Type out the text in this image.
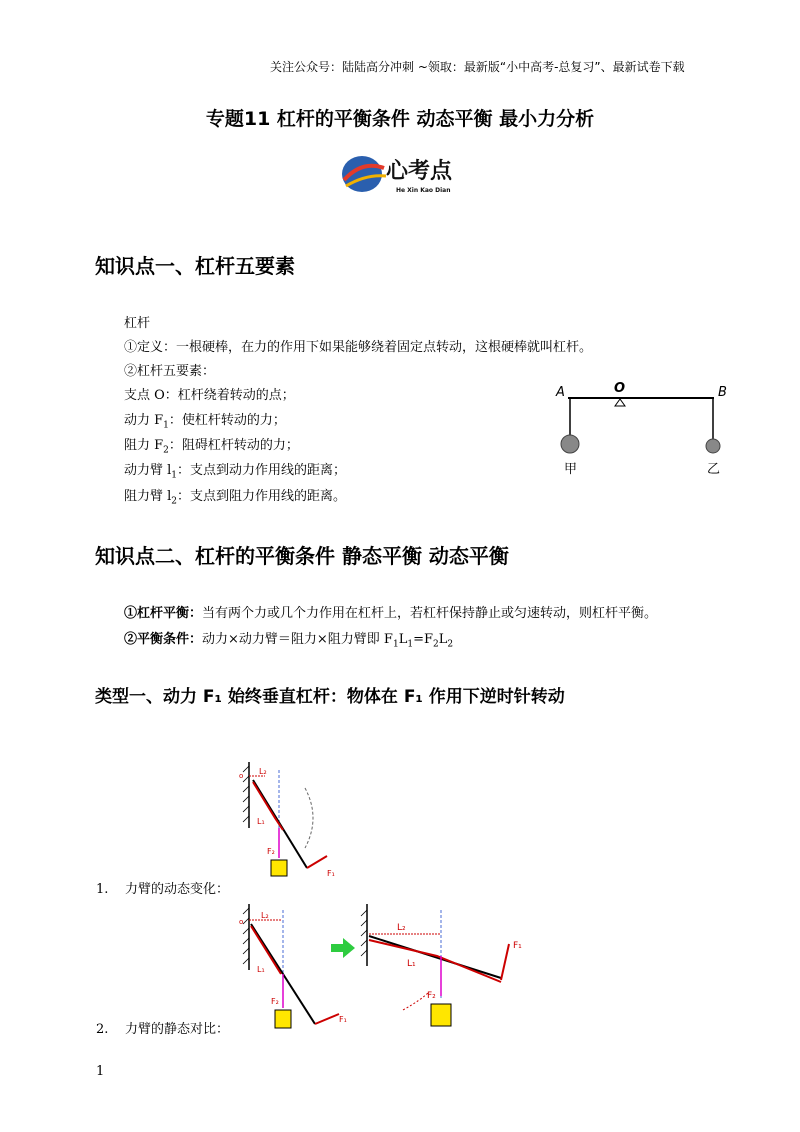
关注公众号：陆陆高分冲刺 ~领取：最新版“小中高考-总复习”、最新试卷下载
专题11 杠杆的平衡条件 动态平衡 最小力分析
心考点
He Xin Kao Dian
知识点一、杠杆五要素
杠杆
①定义：一根硬棒，在力的作用下如果能够绕着固定点转动，这根硬棒就叫杠杆。
②杠杆五要素：
支点 O：杠杆绕着转动的点；
动力 $F_1$：使杠杆转动的力；
阻力 $F_2$：阻碍杠杆转动的力；
动力臂 $l_1$：支点到动力作用线的距离；
阻力臂 $l_2$：支点到阻力作用线的距离。
A	O	B
甲	乙
知识点二、杠杆的平衡条件 静态平衡 动态平衡
①杠杆平衡：当有两个力或几个力作用在杠杆上，若杠杆保持静止或匀速转动，则杠杆平衡。
②平衡条件：动力×动力臂＝阻力×阻力臂即 $F_1L_1=F_2L_2$
类型一、动力 F₁ 始终垂直杠杆：物体在 F₁ 作用下逆时针转动
o L₂
L₁
F₁
F₂
1. 力臂的动态变化：
o
L₂
L₁
F₁
F₂
L₂
L₁
F₂
F₁
2. 力臂的静态对比：
1
